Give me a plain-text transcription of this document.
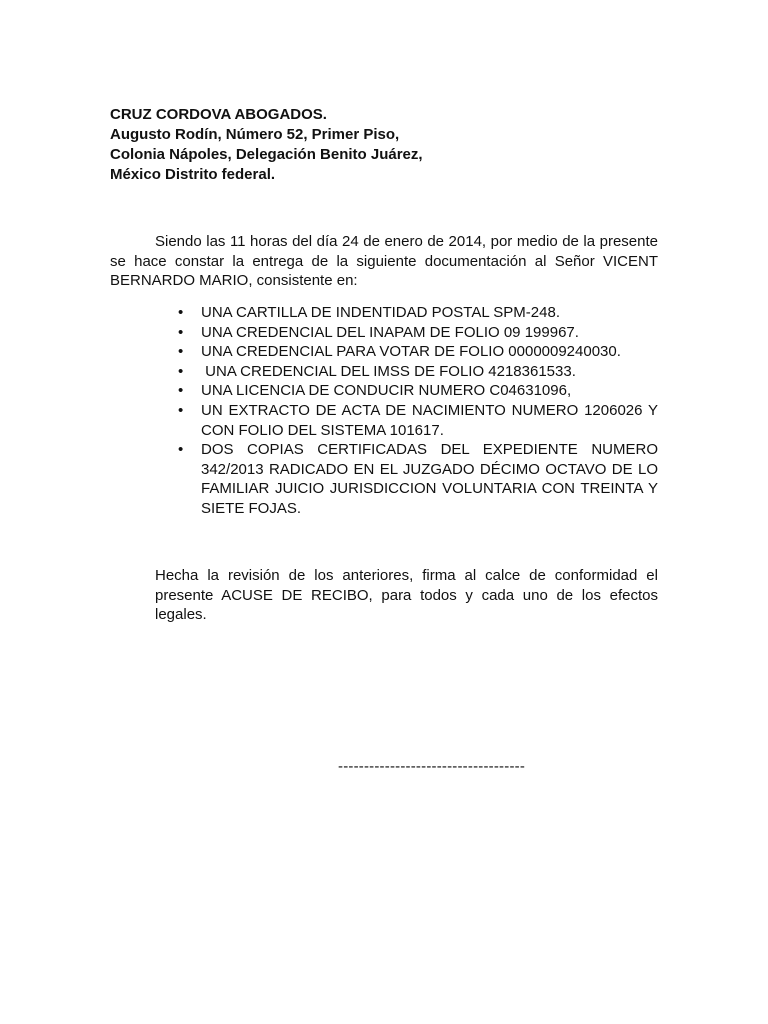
CRUZ CORDOVA ABOGADOS.
Augusto Rodín, Número 52, Primer Piso,
Colonia Nápoles, Delegación Benito Juárez,
México Distrito federal.

Siendo las 11 horas del día 24 de enero de 2014, por medio de la presente se hace constar la entrega de la siguiente documentación al Señor VICENT BERNARDO MARIO, consistente en:

• UNA CARTILLA DE INDENTIDAD POSTAL SPM-248.
• UNA CREDENCIAL DEL INAPAM DE FOLIO 09 199967.
• UNA CREDENCIAL PARA VOTAR DE FOLIO 0000009240030.
• UNA CREDENCIAL DEL IMSS DE FOLIO 4218361533.
• UNA LICENCIA DE CONDUCIR NUMERO C04631096,
• UN EXTRACTO DE ACTA DE NACIMIENTO NUMERO 1206026 Y CON FOLIO DEL SISTEMA 101617.
• DOS COPIAS CERTIFICADAS DEL EXPEDIENTE NUMERO 342/2013 RADICADO EN EL JUZGADO DÉCIMO OCTAVO DE LO FAMILIAR JUICIO JURISDICCION VOLUNTARIA CON TREINTA Y SIETE FOJAS.

Hecha la revisión de los anteriores, firma al calce de conformidad el presente ACUSE DE RECIBO, para todos y cada uno de los efectos legales.

------------------------------------
